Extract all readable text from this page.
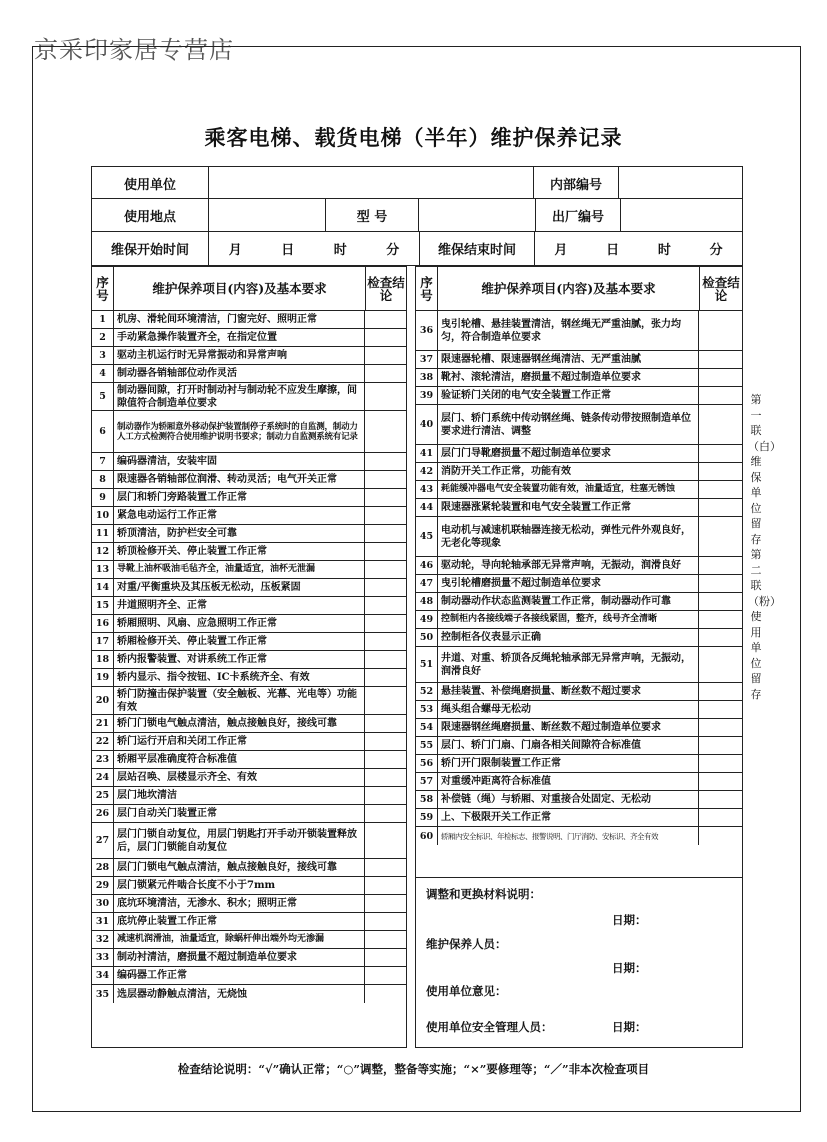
京采印家居专营店
乘客电梯、载货电梯（半年）维护保养记录
使用单位	内部编号
使用地点	型 号	出厂编号
维保开始时间	月	日	时	分	维保结束时间	月	日	时	分
序号	维护保养项目(内容)及基本要求	检查结论
1	机房、滑轮间环境清洁，门窗完好、照明正常
2	手动紧急操作装置齐全，在指定位置
3	驱动主机运行时无异常振动和异常声响
4	制动器各销轴部位动作灵活
5
制动器间隙，打开时制动衬与制动轮不应发生摩擦，间隙值符合制造单位要求
6	制动器作为轿厢意外移动保护装置制停子系统时的自监测，制动力人工方式检测符合使用维护说明书要求；制动力自监测系统有记录
7	编码器清洁，安装牢固
8	限速器各销轴部位润滑、转动灵活；电气开关正常
9	层门和轿门旁路装置工作正常
10 紧急电动运行工作正常
11 轿顶清洁，防护栏安全可靠
12 轿顶检修开关、停止装置工作正常
13 导靴上油杯吸油毛毡齐全，油量适宜，油杯无泄漏
14 对重/平衡重块及其压板无松动，压板紧固
15 井道照明齐全、正常
16 轿厢照明、风扇、应急照明工作正常
17 轿厢检修开关、停止装置工作正常
18 轿内报警装置、对讲系统工作正常
19 轿内显示、指令按钮、IC卡系统齐全、有效
20
轿门防撞击保护装置（安全触板、光幕、光电等）功能有效
21 轿门门锁电气触点清洁，触点接触良好，接线可靠
22 轿门运行开启和关闭工作正常
23 轿厢平层准确度符合标准值
24 层站召唤、层楼显示齐全、有效
25 层门地坎清洁
26 层门自动关门装置正常
27
层门门锁自动复位，用层门钥匙打开手动开锁装置释放后，层门门锁能自动复位
28 层门门锁电气触点清洁，触点接触良好，接线可靠
29 层门锁紧元件啮合长度不小于7mm
30 底坑环境清洁，无渗水、积水；照明正常
31 底坑停止装置工作正常
32 减速机润滑油，油量适宜，除蜗杆伸出端外均无渗漏
33 制动衬清洁，磨损量不超过制造单位要求
34 编码器工作正常
35 选层器动静触点清洁，无烧蚀
序号	维护保养项目(内容)及基本要求	检查结论
36
曳引轮槽、悬挂装置清洁，钢丝绳无严重油腻，张力均匀，符合制造单位要求
37 限速器轮槽、限速器钢丝绳清洁、无严重油腻
38 靴衬、滚轮清洁，磨损量不超过制造单位要求
39 验证轿门关闭的电气安全装置工作正常
40
层门、轿门系统中传动钢丝绳、链条传动带按照制造单位要求进行清洁、调整
41 层门门导靴磨损量不超过制造单位要求
42 消防开关工作正常，功能有效
43 耗能缓冲器电气安全装置功能有效，油量适宜，柱塞无锈蚀
44 限速器涨紧轮装置和电气安全装置工作正常
45
电动机与减速机联轴器连接无松动，弹性元件外观良好，无老化等现象
46 驱动轮，导向轮轴承部无异常声响，无振动，润滑良好
47 曳引轮槽磨损量不超过制造单位要求
48 制动器动作状态监测装置工作正常，制动器动作可靠
49 控制柜内各接线端子各接线紧固，整齐，线号齐全清晰
50 控制柜各仪表显示正确
51
井道、对重、轿顶各反绳轮轴承部无异常声响，无振动，润滑良好
52 悬挂装置、补偿绳磨损量、断丝数不超过要求
53 绳头组合螺母无松动
54 限速器钢丝绳磨损量、断丝数不超过制造单位要求
55 层门、轿门门扇、门扇各相关间隙符合标准值
56 轿门开门限制装置工作正常
57 对重缓冲距离符合标准值
58 补偿链（绳）与轿厢、对重接合处固定、无松动
59 上、下极限开关工作正常
60	轿厢内安全标识、年检标志、报警说明、门厅消防、安标识、齐全有效
调整和更换材料说明：
日期：
维护保养人员：
日期：
使用单位意见：
使用单位安全管理人员：	日期：
第一联（白）维保单位留存 第二联（粉）使用单位留存
检查结论说明：“√”确认正常；“○”调整，整备等实施；“×”要修理等；“／”非本次检查项目
